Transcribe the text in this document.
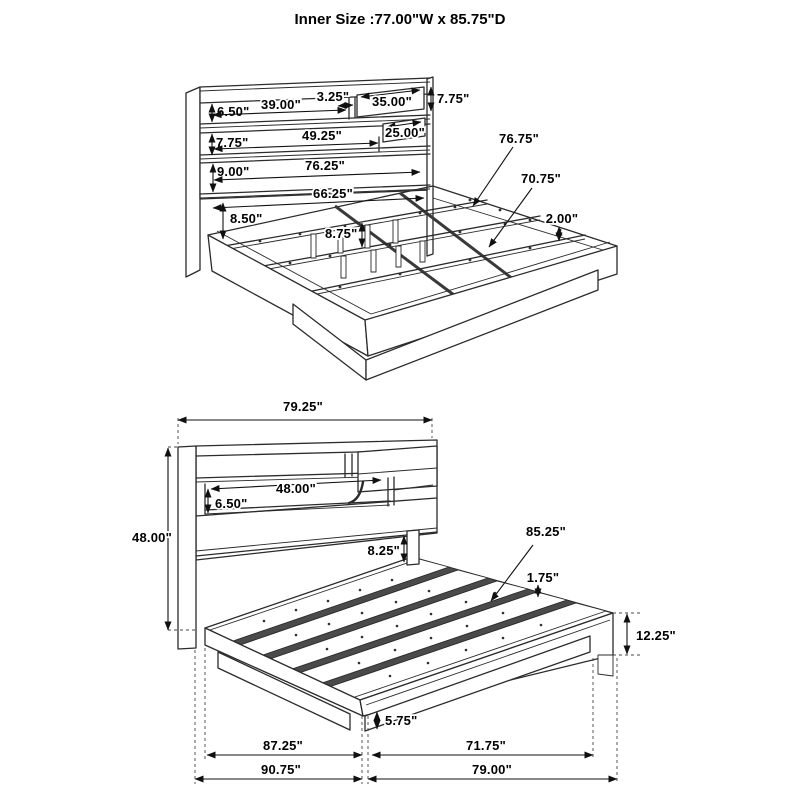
Inner Size :77.00"W x 85.75"D
6.50" 39.00"
3.25" 35.00" 7.75"
7.75"	49.25"	25.00"
9.00"	76.25"
66.25"
8.50"
8.75"
76.75"
70.75"
2.00"
79.25"
48.00"
48.00"
6.50"
8.25"
85.25"
1.75"
12.25"
5.75"
87.25"	71.75"
90.75"	79.00"
